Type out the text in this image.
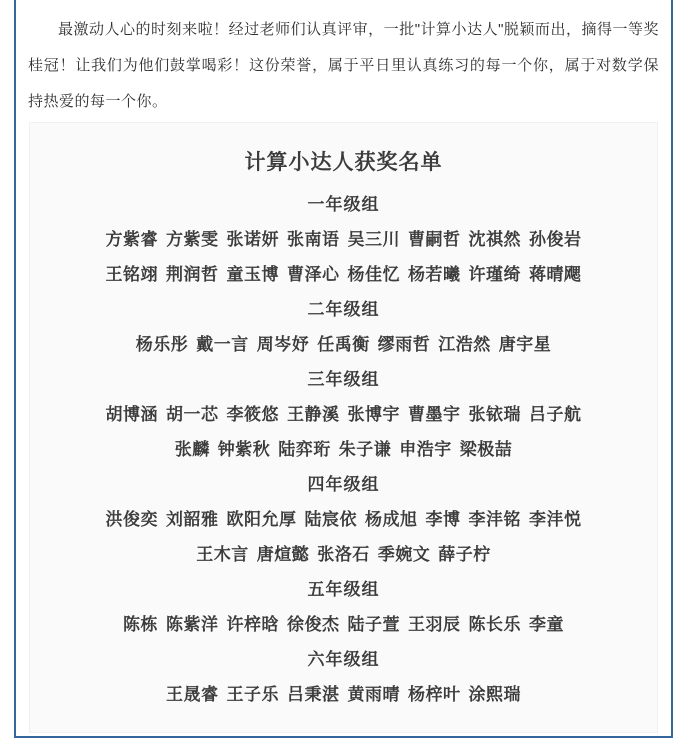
最激动人心的时刻来啦！经过老师们认真评审，一批"计算小达人"脱颖而出，摘得一等奖桂冠！让我们为他们鼓掌喝彩！这份荣誉，属于平日里认真练习的每一个你，属于对数学保持热爱的每一个你。

计算小达人获奖名单
一年级组
方紫睿 方紫雯 张诺妍 张南语 吴三川 曹嗣哲 沈祺然 孙俊岩
王铭翊 荆润哲 童玉博 曹泽心 杨佳忆 杨若曦 许瑾绮 蒋晴飔
二年级组
杨乐彤 戴一言 周岑妤 任禹衡 缪雨哲 江浩然 唐宇星
三年级组
胡博涵 胡一芯 李筱悠 王静溪 张博宇 曹墨宇 张铱瑞 吕子航
张麟 钟紫秋 陆弈珩 朱子谦 申浩宇 梁极喆
四年级组
洪俊奕 刘韶雅 欧阳允厚 陆宸依 杨成旭 李博 李沣铭 李沣悦
王木言 唐煊懿 张洛石 季婉文 薛子柠
五年级组
陈栋 陈紫洋 许梓晗 徐俊杰 陆子萱 王羽辰 陈长乐 李童
六年级组
王晟睿 王子乐 吕秉湛 黄雨晴 杨梓叶 涂熙瑞
